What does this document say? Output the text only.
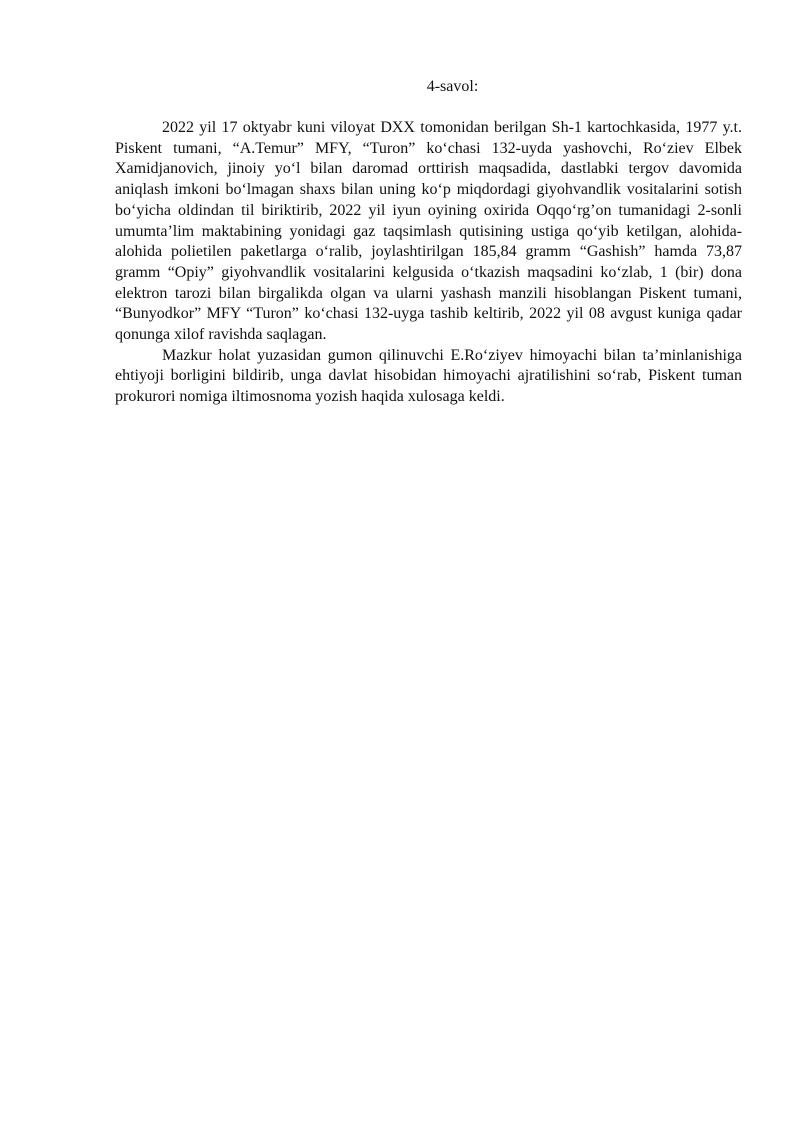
4-savol:

2022 yil 17 oktyabr kuni viloyat DXX tomonidan berilgan Sh-1 kartochkasida, 1977 y.t. Piskent tumani, “A.Temur” MFY, “Turon” ko‘chasi 132-uyda yashovchi, Ro‘ziev Elbek Xamidjanovich, jinoiy yo‘l bilan daromad orttirish maqsadida, dastlabki tergov davomida aniqlash imkoni bo‘lmagan shaxs bilan uning ko‘p miqdordagi giyohvandlik vositalarini sotish bo‘yicha oldindan til biriktirib, 2022 yil iyun oyining oxirida Oqqo‘rg’on tumanidagi 2-sonli umumta’lim maktabining yonidagi gaz taqsimlash qutisining ustiga qo‘yib ketilgan, alohida-alohida polietilen paketlarga o‘ralib, joylashtirilgan 185,84 gramm “Gashish” hamda 73,87 gramm “Opiy” giyohvandlik vositalarini kelgusida o‘tkazish maqsadini ko‘zlab, 1 (bir) dona elektron tarozi bilan birgalikda olgan va ularni yashash manzili hisoblangan Piskent tumani, “Bunyodkor” MFY “Turon” ko‘chasi 132-uyga tashib keltirib, 2022 yil 08 avgust kuniga qadar qonunga xilof ravishda saqlagan.

Mazkur holat yuzasidan gumon qilinuvchi E.Ro‘ziyev himoyachi bilan ta’minlanishiga ehtiyoji borligini bildirib, unga davlat hisobidan himoyachi ajratilishini so‘rab, Piskent tuman prokurori nomiga iltimosnoma yozish haqida xulosaga keldi.
